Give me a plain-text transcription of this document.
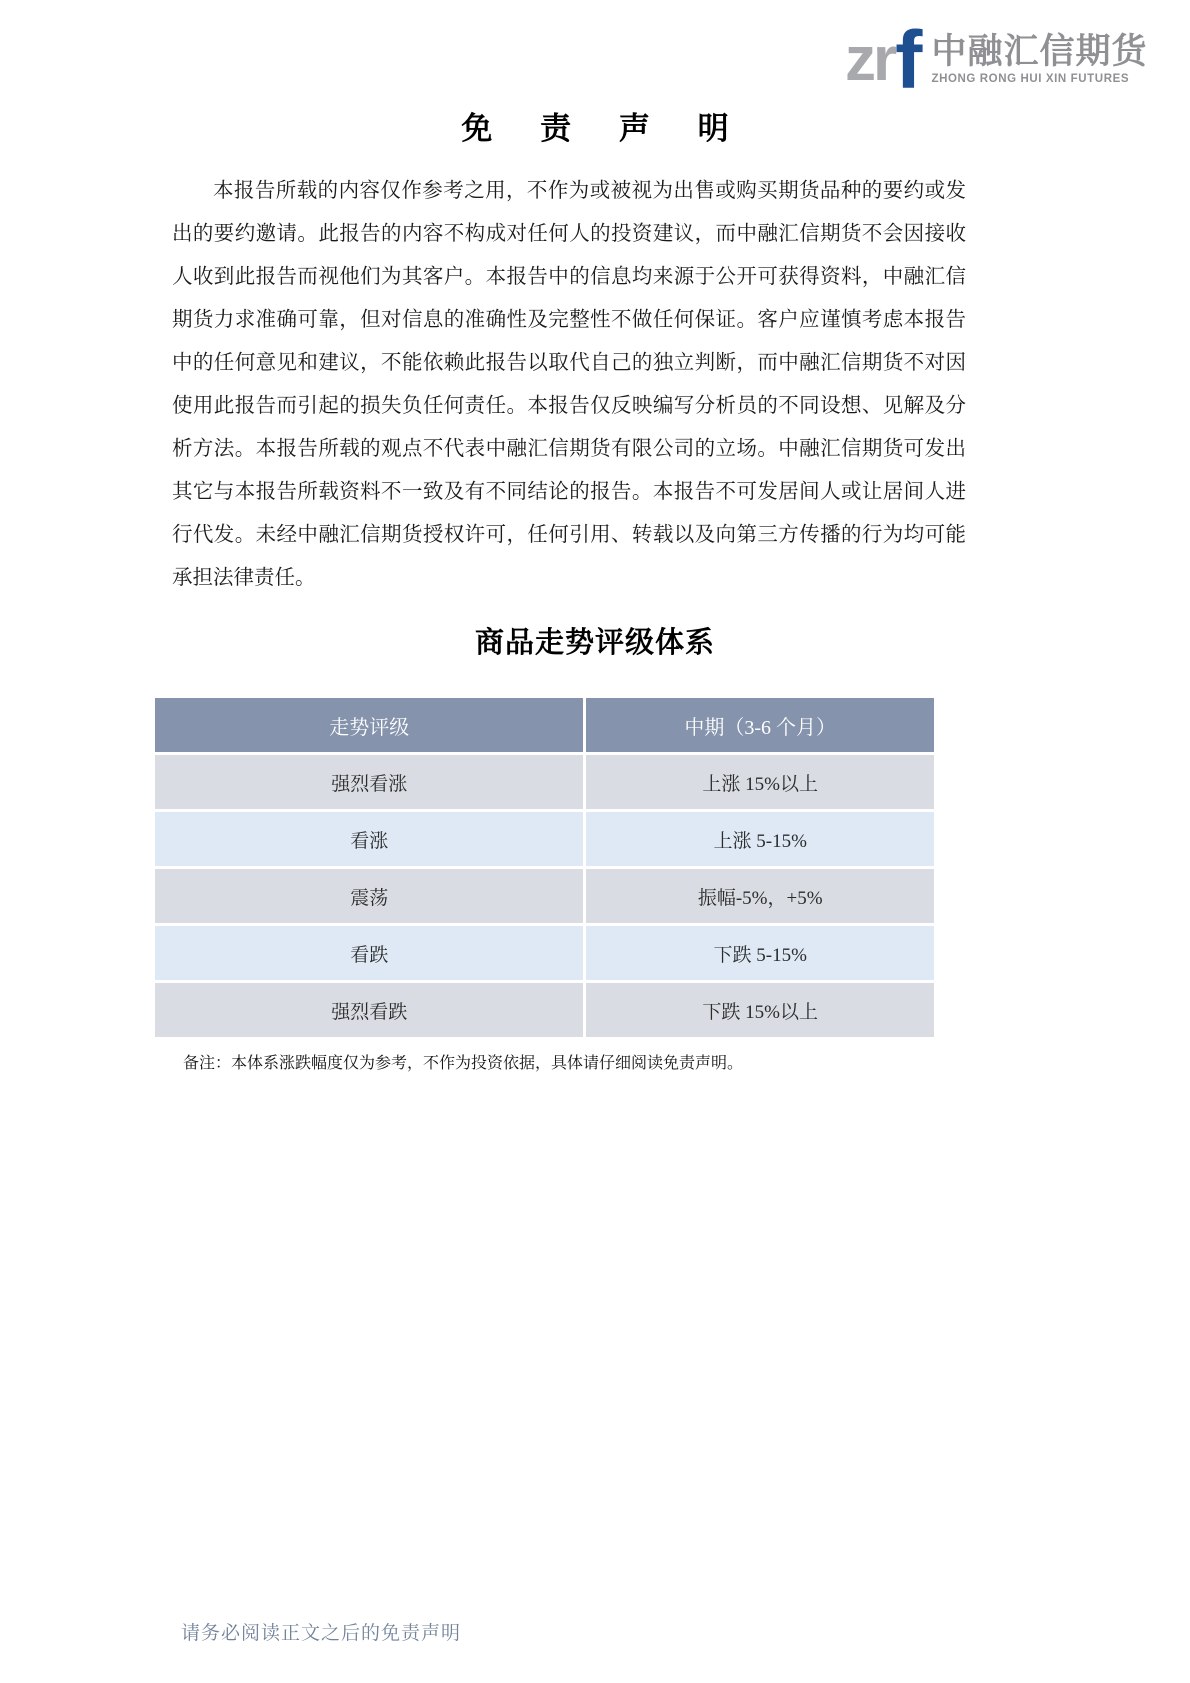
zr f 中融汇信期货
ZHONG RONG HUI XIN FUTURES
免 责 声 明
本报告所载的内容仅作参考之用，不作为或被视为出售或购买期货品种的要约或发出的要约邀请。此报告的内容不构成对任何人的投资建议，而中融汇信期货不会因接收人收到此报告而视他们为其客户。本报告中的信息均来源于公开可获得资料，中融汇信期货力求准确可靠，但对信息的准确性及完整性不做任何保证。客户应谨慎考虑本报告中的任何意见和建议，不能依赖此报告以取代自己的独立判断，而中融汇信期货不对因使用此报告而引起的损失负任何责任。本报告仅反映编写分析员的不同设想、见解及分析方法。本报告所载的观点不代表中融汇信期货有限公司的立场。中融汇信期货可发出其它与本报告所载资料不一致及有不同结论的报告。本报告不可发居间人或让居间人进行代发。未经中融汇信期货授权许可，任何引用、转载以及向第三方传播的行为均可能承担法律责任。
商品走势评级体系
走势评级	中期（3-6 个月）
强烈看涨	上涨 15%以上
看涨	上涨 5-15%
震荡	振幅-5%，+5%
看跌	下跌 5-15%
强烈看跌	下跌 15%以上
备注：本体系涨跌幅度仅为参考，不作为投资依据，具体请仔细阅读免责声明。
请务必阅读正文之后的免责声明
